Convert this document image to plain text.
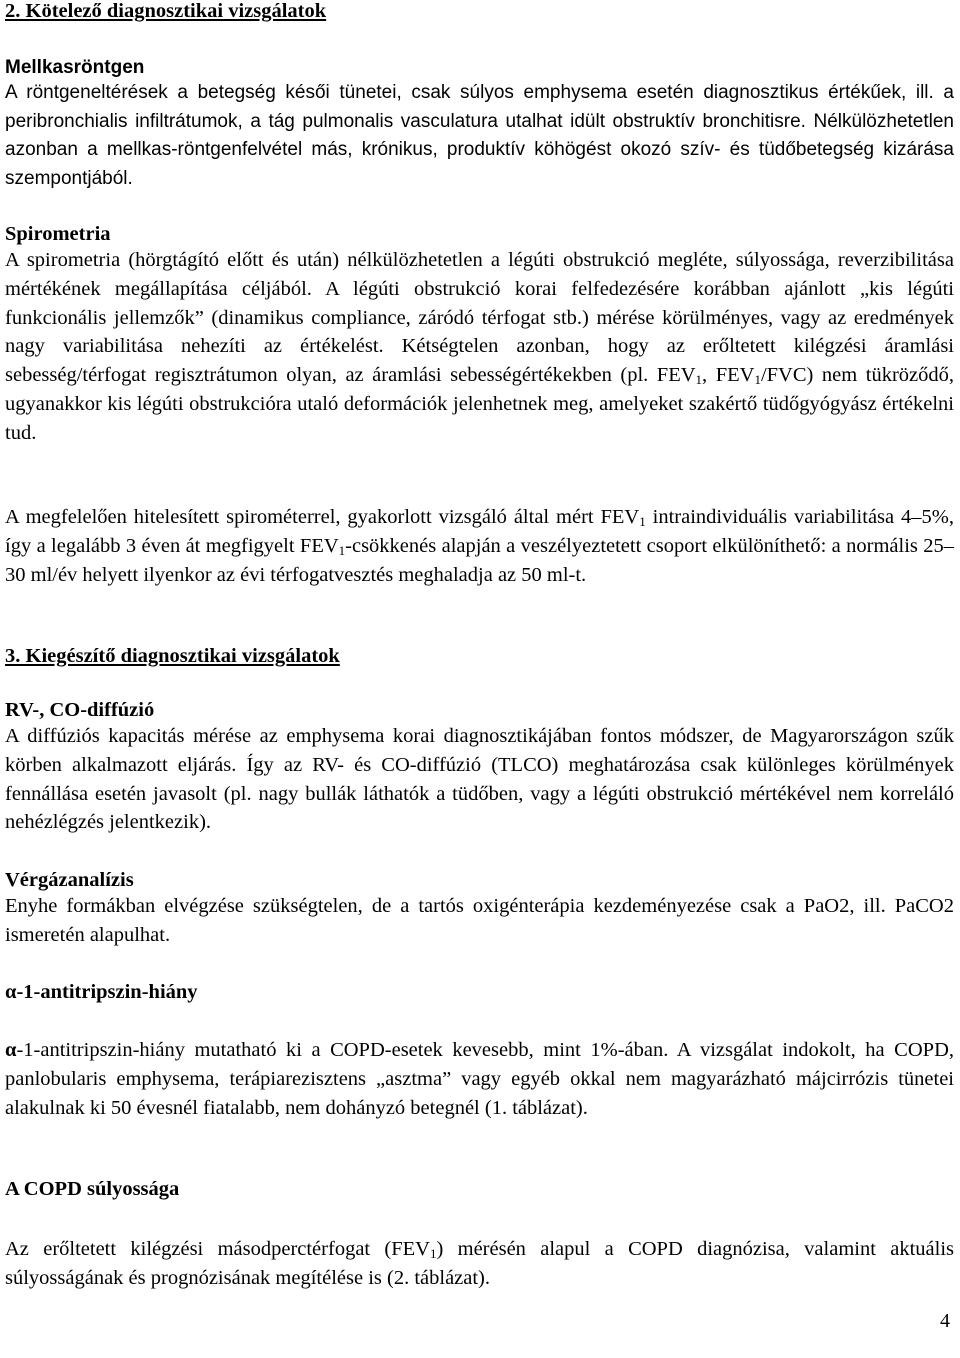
2. Kötelező diagnosztikai vizsgálatok
Mellkasröntgen

A röntgeneltérések a betegség késői tünetei, csak súlyos emphysema esetén diagnosztikus értékűek, ill. a peribronchialis infiltrátumok, a tág pulmonalis vasculatura utalhat idült obstruktív bronchitisre. Nélkülözhetetlen azonban a mellkas-röntgenfelvétel más, krónikus, produktív köhögést okozó szív- és tüdőbetegség kizárása szempontjából.

Spirometria

A spirometria (hörgtágító előtt és után) nélkülözhetetlen a légúti obstrukció megléte, súlyossága, reverzibilitása mértékének megállapítása céljából. A légúti obstrukció korai felfedezésére korábban ajánlott „kis légúti funkcionális jellemzők” (dinamikus compliance, záródó térfogat stb.) mérése körülményes, vagy az eredmények nagy variabilitása nehezíti az értékelést. Kétségtelen azonban, hogy az erőltetett kilégzési áramlási sebesség/térfogat regisztrátumon olyan, az áramlási sebességértékekben (pl. $FEV_1$, $FEV_1/FVC$) nem tükröződő, ugyanakkor kis légúti obstrukcióra utaló deformációk jelenhetnek meg, amelyeket szakértő tüdőgyógyász értékelni tud.

A megfelelően hitelesített spirométerrel, gyakorlott vizsgáló által mért $FEV_1$ intraindividuális variabilitása 4–5%, így a legalább 3 éven át megfigyelt $FEV_1$-csökkenés alapján a veszélyeztetett csoport elkülöníthető: a normális 25–30 ml/év helyett ilyenkor az évi térfogatvesztés meghaladja az 50 ml-t.

3. Kiegészítő diagnosztikai vizsgálatok
RV-, CO-diffúzió

A diffúziós kapacitás mérése az emphysema korai diagnosztikájában fontos módszer, de Magyarországon szűk körben alkalmazott eljárás. Így az RV- és CO-diffúzió (TLCO) meghatározása csak különleges körülmények fennállása esetén javasolt (pl. nagy bullák láthatók a tüdőben, vagy a légúti obstrukció mértékével nem korreláló nehézlégzés jelentkezik).

Vérgázanalízis

Enyhe formákban elvégzése szükségtelen, de a tartós oxigénterápia kezdeményezése csak a PaO2, ill. PaCO2 ismeretén alapulhat.

α-1-antitripszin-hiány

α-1-antitripszin-hiány mutatható ki a COPD-esetek kevesebb, mint 1%-ában. A vizsgálat indokolt, ha COPD, panlobularis emphysema, terápiarezisztens „asztma” vagy egyéb okkal nem magyarázható májcirrózis tünetei alakulnak ki 50 évesnél fiatalabb, nem dohányzó betegnél (1. táblázat).

A COPD súlyossága

Az erőltetett kilégzési másodperctérfogat $(FEV_1)$ mérésén alapul a COPD diagnózisa, valamint aktuális súlyosságának és prognózisának megítélése is (2. táblázat).

4
